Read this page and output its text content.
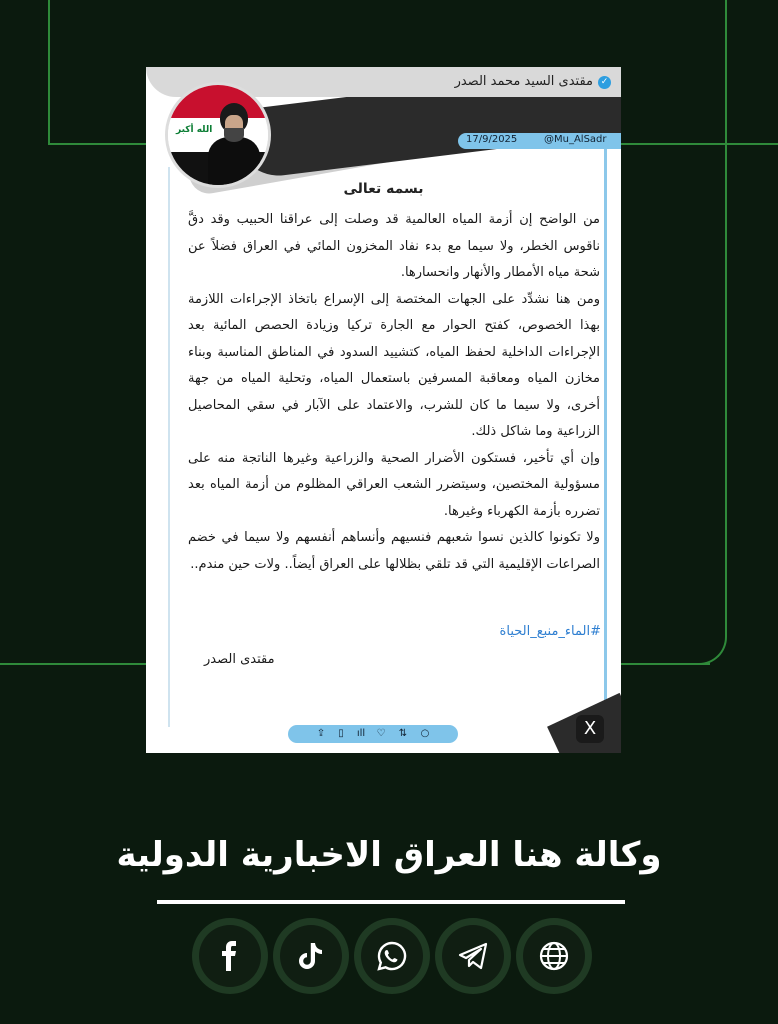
مقتدى السيد محمد الصدر ✓
الله أكبر
17/9/2025	@Mu_AlSadr
بسمه تعالى

من الواضح إن أزمة المياه العالمية قد وصلت إلى عراقنا الحبيب وقد دقَّ ناقوس الخطر، ولا سيما مع بدء نفاد المخزون المائي في العراق فضلاً عن شحة مياه الأمطار والأنهار وانحسارها.

ومن هنا نشدِّد على الجهات المختصة إلى الإسراع باتخاذ الإجراءات اللازمة بهذا الخصوص، كفتح الحوار مع الجارة تركيا وزيادة الحصص المائية بعد الإجراءات الداخلية لحفظ المياه، كتشييد السدود في المناطق المناسبة وبناء مخازن المياه ومعاقبة المسرفين باستعمال المياه، وتحلية المياه من جهة أخرى، ولا سيما ما كان للشرب، والاعتماد على الآبار في سقي المحاصيل الزراعية وما شاكل ذلك.

وإن أي تأخير، فستكون الأضرار الصحية والزراعية وغيرها الناتجة منه على مسؤولية المختصين، وسيتضرر الشعب العراقي المظلوم من أزمة المياه بعد تضرره بأزمة الكهرباء وغيرها.

ولا تكونوا كالذين نسوا شعبهم فنسيهم وأنساهم أنفسهم ولا سيما في خضم الصراعات الإقليمية التي قد تلقي بظلالها على العراق أيضاً.. ولات حين مندم..

#الماء_منبع_الحياة
مقتدى الصدر
⇪	▯	ıll ♡ ⇅ ○	X
وكالة هنا العراق الاخبارية الدولية
